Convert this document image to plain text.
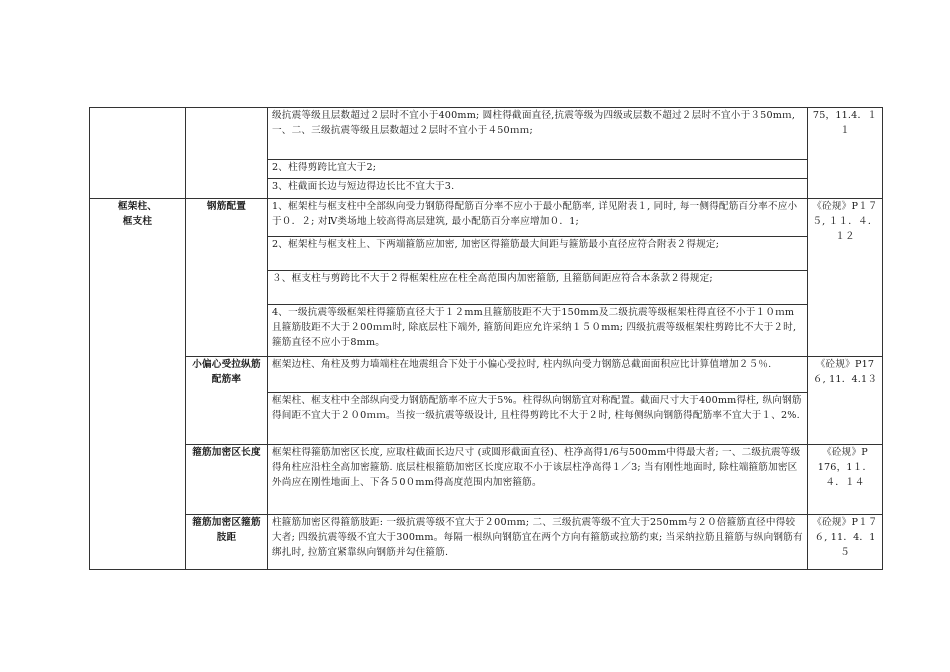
		级抗震等级且层数超过２层时不宜小于400mm; 圆柱得截面直径,抗震等级为四级或层数不超过２层时不宜小于３50mｍ, 一、二、三级抗震等级且层数超过２层时不宜小于４50ｍｍ;	75，11.4．１１
		2、柱得剪跨比宜大于2;	
		3、柱截面长边与短边得边长比不宜大于3.	
框架柱、
框支柱	钢筋配置	1、框架柱与框支柱中全部纵向受力钢筋得配筋百分率不应小于最小配筋率, 详见附表１, 同时, 每一侧得配筋百分率不应小于０．２; 对Ⅳ类场地上较高得高层建筑, 最小配筋百分率应增加０．1;	《砼规》P１７５, １１．４．１２
		2、框架柱与框支柱上、下两端箍筋应加密, 加密区得箍筋最大间距与箍筋最小直径应符合附表２得规定;	
		３、框支柱与剪跨比不大于２得框架柱应在柱全高范围内加密箍筋, 且箍筋间距应符合本条款２得规定;	
		4、一级抗震等级框架柱得箍筋直径大于１２mm且箍筋肢距不大于150mm及二级抗震等级框架柱得直径不小于１０ｍm且箍筋肢距不大于２00ｍｍ时, 除底层柱下端外, 箍筋间距应允许采纳１５０mm; 四级抗震等级框架柱剪跨比不大于２时, 箍筋直径不应小于8mm。	
	小偏心受拉纵筋配筋率	框架边柱、角柱及剪力墙端柱在地震组合下处于小偏心受拉时, 柱内纵向受力钢筋总截面面积应比计算值增加２５％.	《砼规》P17６, 11．4.1３
		框架柱、框支柱中全部纵向受力钢筋配筋率不应大于5%。柱得纵向钢筋宜对称配置。截面尺寸大于400mm得柱, 纵向钢筋得间距不宜大于２０0ｍｍ。当按一级抗震等级设计, 且柱得剪跨比不大于２时, 柱每侧纵向钢筋得配筋率不宜大于１、2%.	
	箍筋加密区长度	框架柱得箍筋加密区长度, 应取柱截面长边尺寸 (或圆形截面直径)、柱净高得1/6与500mm中得最大者; 一、二级抗震等级得角柱应沿柱全高加密箍筋. 底层柱根箍筋加密区长度应取不小于该层柱净高得１／3; 当有刚性地面时, 除柱端箍筋加密区外尚应在刚性地面上、下各５0０mm得高度范围内加密箍筋。	《砼规》P 176，1１．４．１４
	箍筋加密区箍筋肢距	柱箍筋加密区得箍筋肢距: 一级抗震等级不宜大于２00ｍm; 二、三级抗震等级不宜大于250mm与２０倍箍筋直径中得较大者; 四级抗震等级不宜大于300mm。每隔一根纵向钢筋宜在两个方向有箍筋或拉筋约束; 当采纳拉筋且箍筋与纵向钢筋有绑扎时, 拉筋宜紧靠纵向钢筋并勾住箍筋.	《砼规》P１７６, 11．4．1５
